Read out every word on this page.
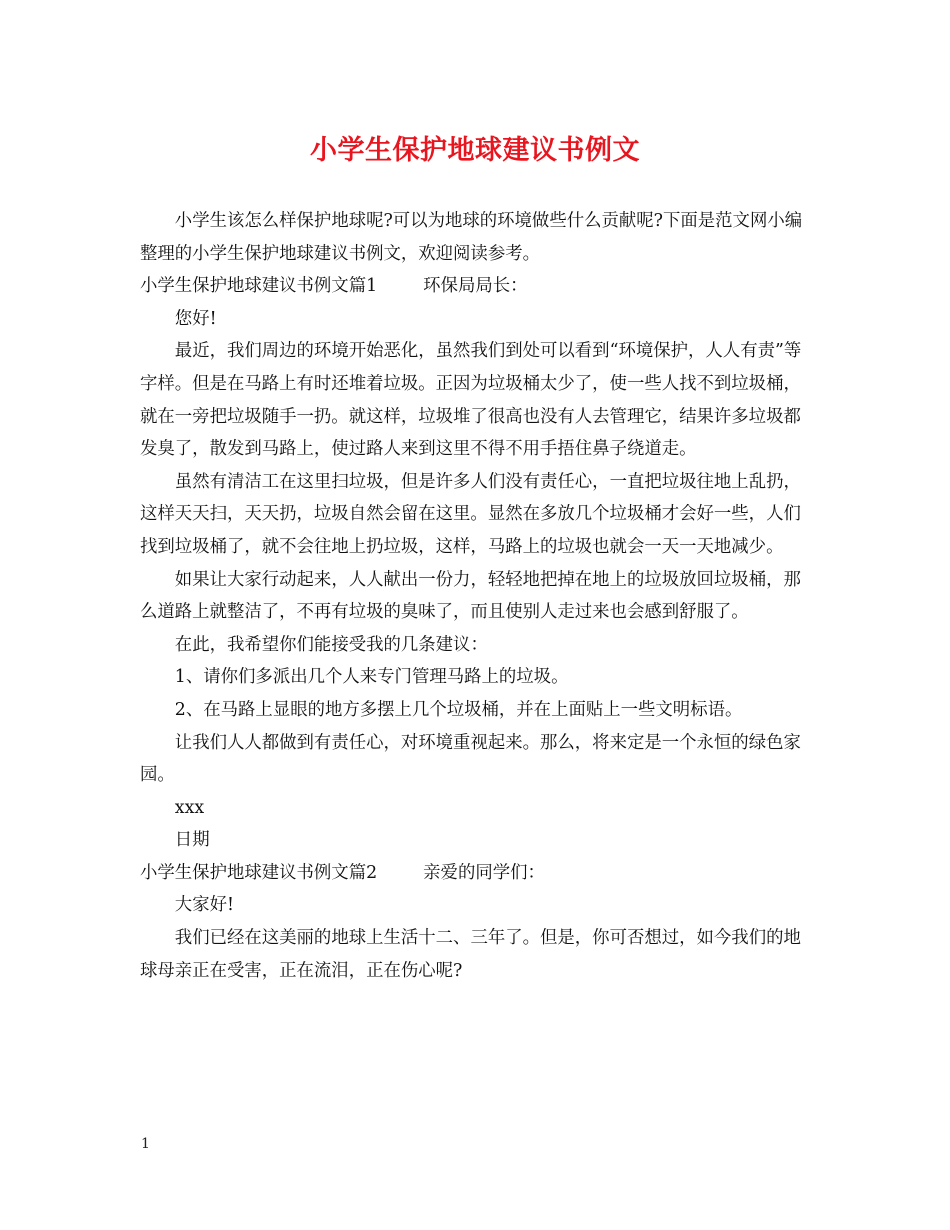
小学生保护地球建议书例文

小学生该怎么样保护地球呢?可以为地球的环境做些什么贡献呢?下面是范文网小编整理的小学生保护地球建议书例文，欢迎阅读参考。

小学生保护地球建议书例文篇1	环保局局长：

您好!

最近，我们周边的环境开始恶化，虽然我们到处可以看到“环境保护，人人有责”等字样。但是在马路上有时还堆着垃圾。正因为垃圾桶太少了，使一些人找不到垃圾桶，就在一旁把垃圾随手一扔。就这样，垃圾堆了很高也没有人去管理它，结果许多垃圾都发臭了，散发到马路上，使过路人来到这里不得不用手捂住鼻子绕道走。

虽然有清洁工在这里扫垃圾，但是许多人们没有责任心，一直把垃圾往地上乱扔，这样天天扫，天天扔，垃圾自然会留在这里。显然在多放几个垃圾桶才会好一些，人们找到垃圾桶了，就不会往地上扔垃圾，这样，马路上的垃圾也就会一天一天地减少。

如果让大家行动起来，人人献出一份力，轻轻地把掉在地上的垃圾放回垃圾桶，那么道路上就整洁了，不再有垃圾的臭味了，而且使别人走过来也会感到舒服了。

在此，我希望你们能接受我的几条建议：

1、请你们多派出几个人来专门管理马路上的垃圾。

2、在马路上显眼的地方多摆上几个垃圾桶，并在上面贴上一些文明标语。

让我们人人都做到有责任心，对环境重视起来。那么，将来定是一个永恒的绿色家园。

xxx

日期

小学生保护地球建议书例文篇2	亲爱的同学们：

大家好!

我们已经在这美丽的地球上生活十二、三年了。但是，你可否想过，如今我们的地球母亲正在受害，正在流泪，正在伤心呢?

1
